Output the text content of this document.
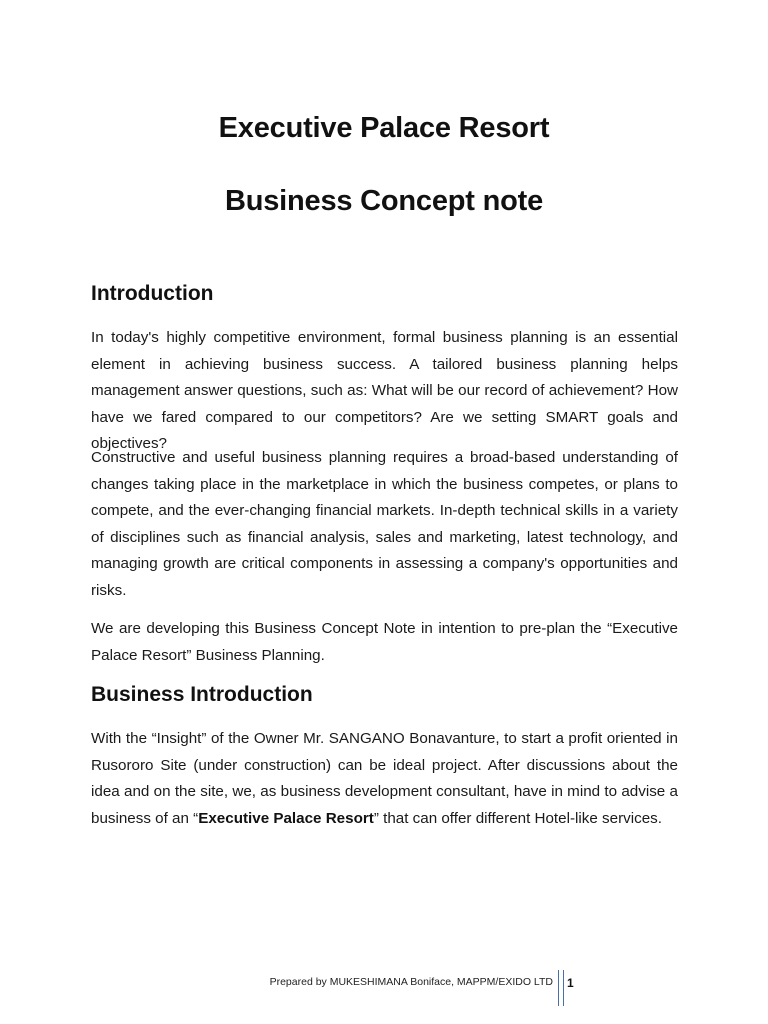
Executive Palace Resort
Business Concept note
Introduction

In today's highly competitive environment, formal business planning is an essential element in achieving business success. A tailored business planning helps management answer questions, such as: What will be our record of achievement? How have we fared compared to our competitors? Are we setting SMART goals and objectives?

Constructive and useful business planning requires a broad-based understanding of changes taking place in the marketplace in which the business competes, or plans to compete, and the ever-changing financial markets. In-depth technical skills in a variety of disciplines such as financial analysis, sales and marketing, latest technology, and managing growth are critical components in assessing a company's opportunities and risks.

We are developing this Business Concept Note in intention to pre-plan the “Executive Palace Resort” Business Planning.

Business Introduction

With the “Insight” of the Owner Mr. SANGANO Bonavanture, to start a profit oriented in Rusororo Site (under construction) can be ideal project. After discussions about the idea and on the site, we, as business development consultant, have in mind to advise a business of an “Executive Palace Resort” that can offer different Hotel-like services.

Prepared by MUKESHIMANA Boniface, MAPPM/EXIDO LTD 1
